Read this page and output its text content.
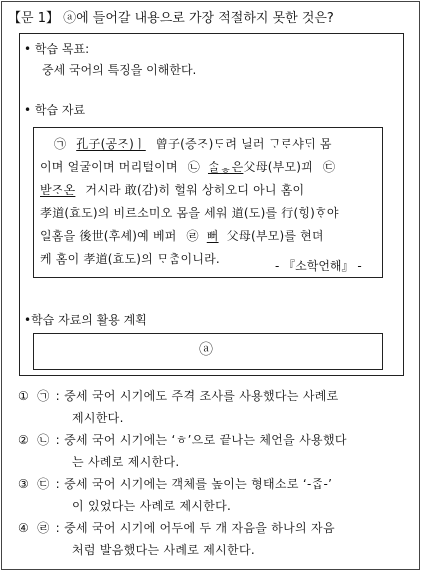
【문 1】 ⓐ에 들어갈 내용으로 가장 적절하지 못한 것은?
• 학습 목표:
중세 국어의 특징을 이해한다.
• 학습 자료
㉠ 孔子(공ᄌᆞ)ㅣ 曾子(증ᄌᆞ)ᄃᆞ려 닐러 ᄀᆞᄅᆞ샤ᄃᆡ 몸
이며 얼굴이며 머리털이며 ㉡ ᄉᆞᆯᇂ은父母(부모)끠 ㉢
받ᄌᆞ온 거시라 敢(감)히 헐워 상히오디 아니 홈이
孝道(효도)의 비르소미오 몸을 세워 道(도)를 行(힝)ᄒᆞ야
일홈을 後世(후셰)예 베퍼 ㉣ 뻐 父母(부모)를 현뎌
케 홈이 孝道(효도)의 ᄆᆞᄎᆞᆷ이니라.	- 『소학언해』 -
•학습 자료의 활용 계획
ⓐ
① ㉠ : 중세 국어 시기에도 주격 조사를 사용했다는 사례로
제시한다.
② ㉡ : 중세 국어 시기에는 ‘ㅎ’으로 끝나는 체언을 사용했다
는 사례로 제시한다.
③ ㉢ : 중세 국어 시기에는 객체를 높이는 형태소로 ‘-ᄌᆞᆸ-’
이 있었다는 사례로 제시한다.
④ ㉣ : 중세 국어 시기에 어두에 두 개 자음을 하나의 자음
처럼 발음했다는 사례로 제시한다.
